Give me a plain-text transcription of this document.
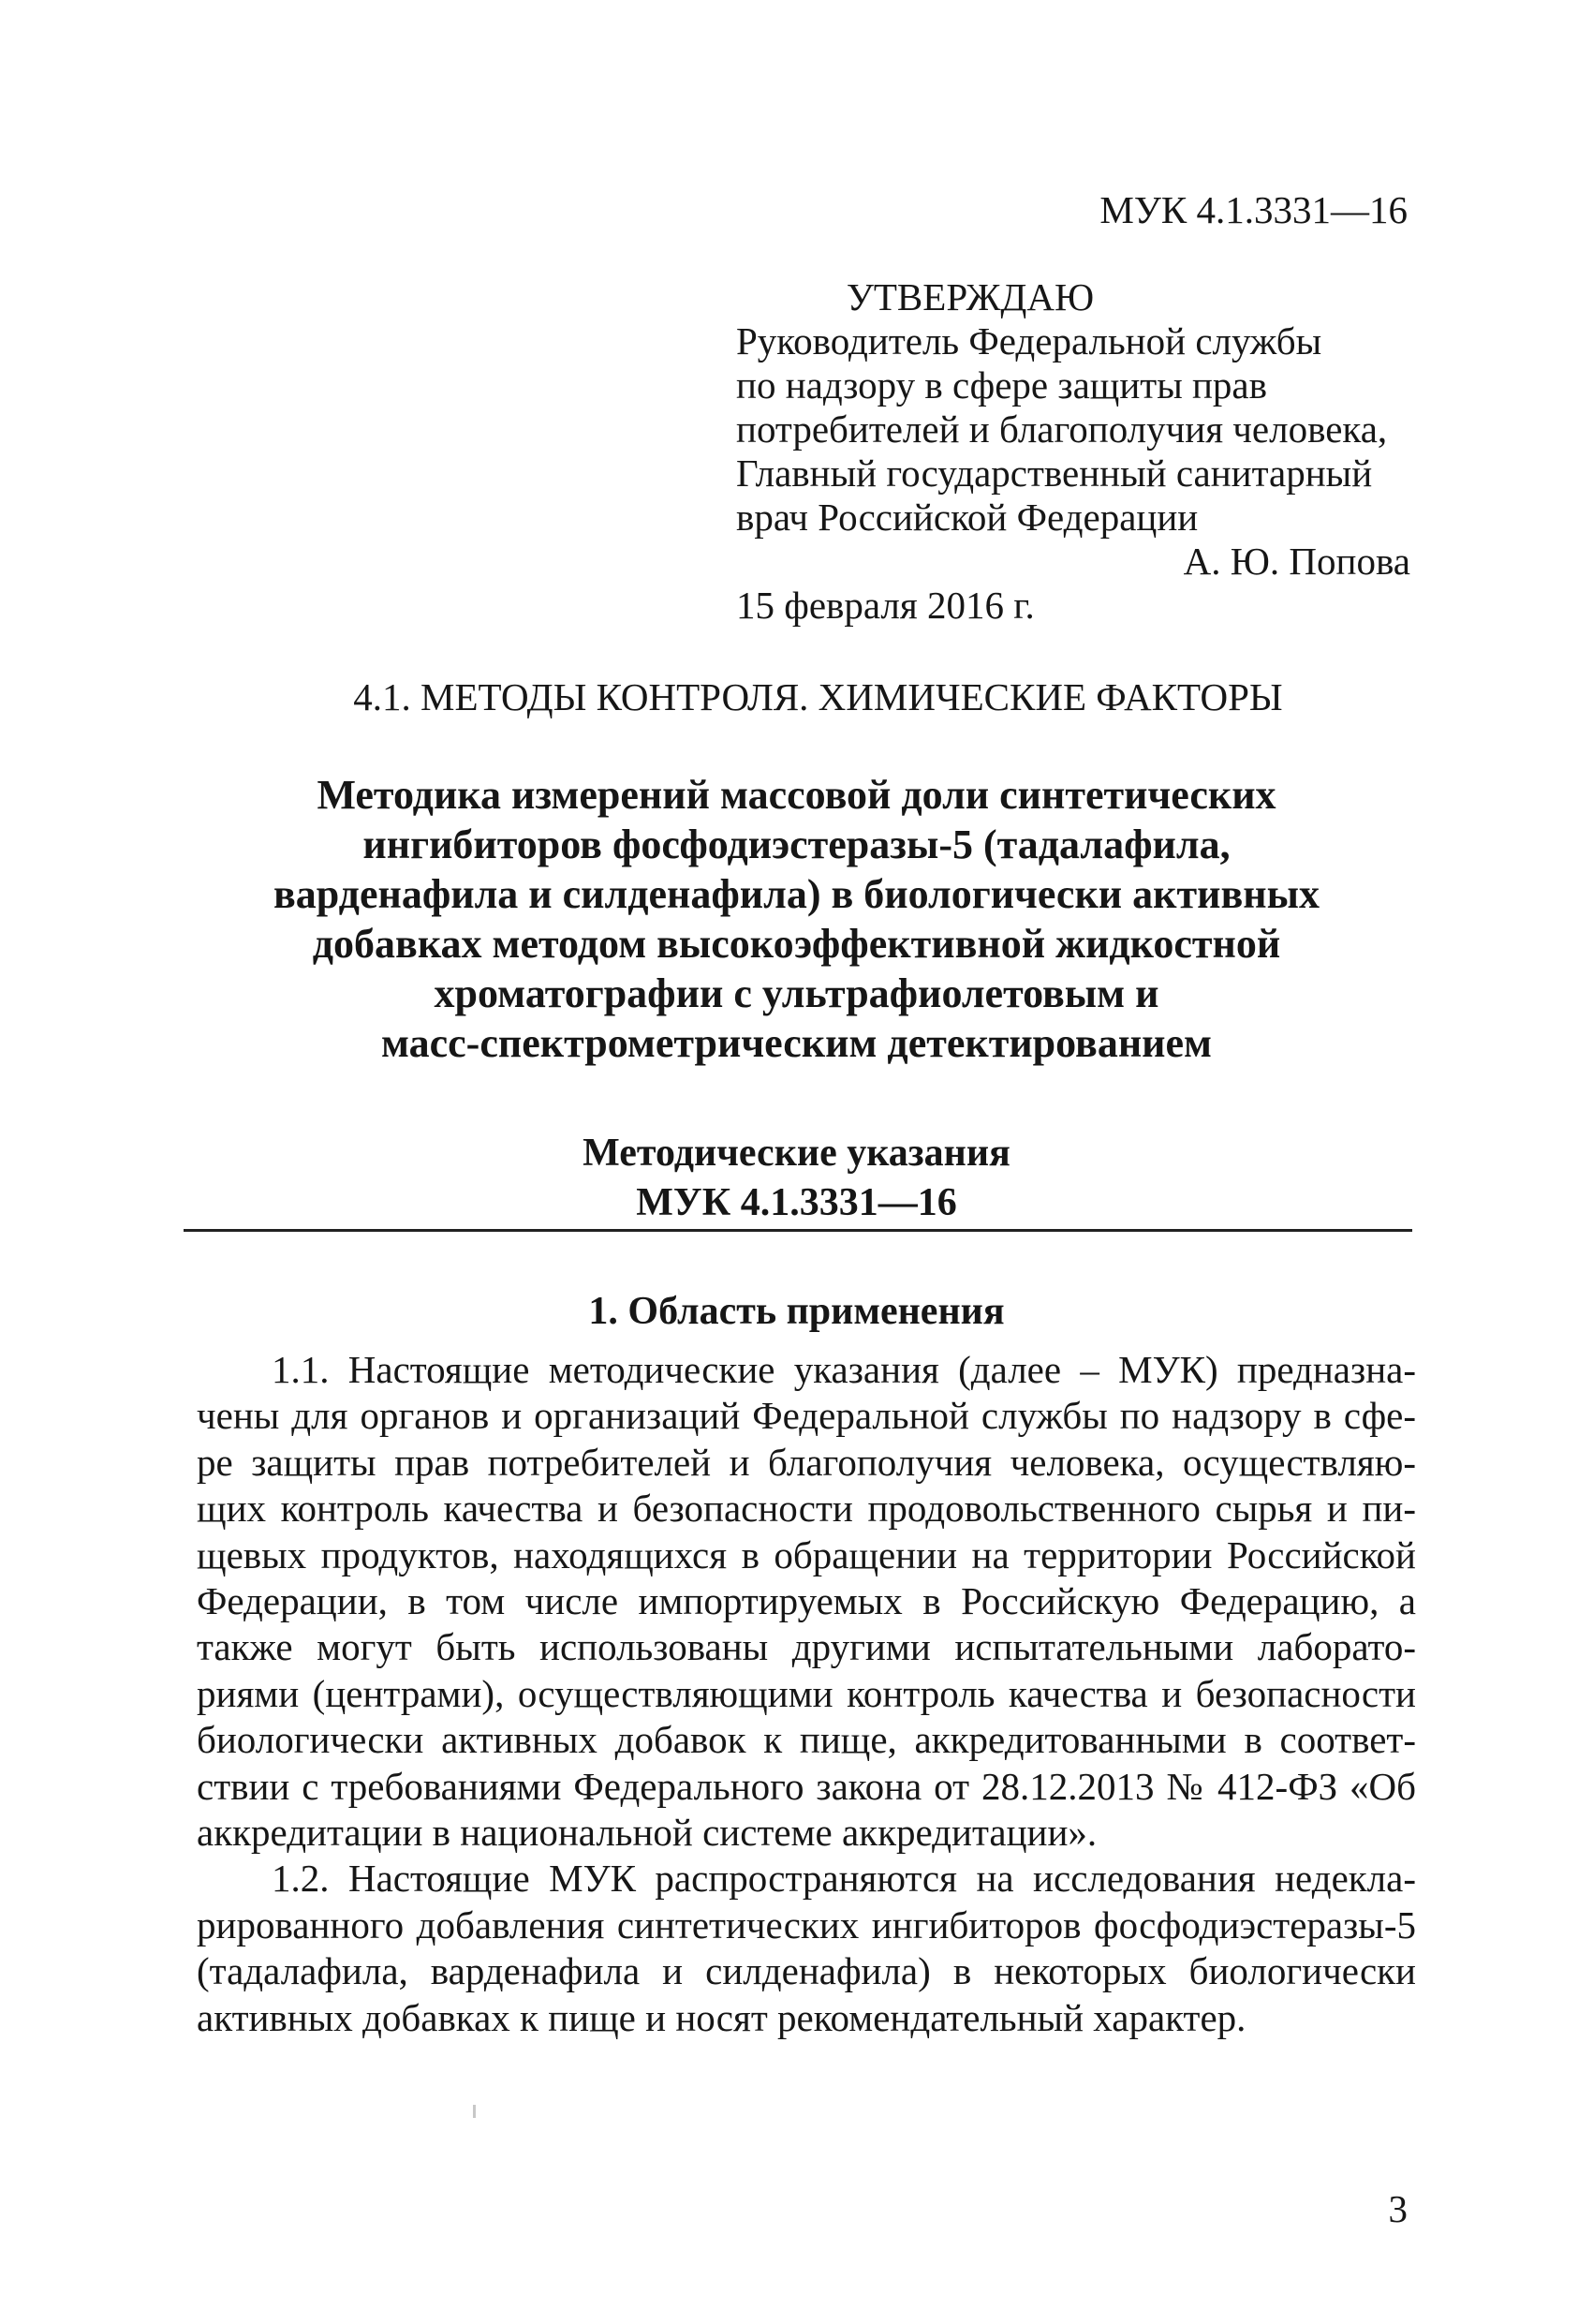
МУК 4.1.3331—16
УТВЕРЖДАЮ
Руководитель Федеральной службы
по надзору в сфере защиты прав
потребителей и благополучия человека,
Главный государственный санитарный
врач Российской Федерации
А. Ю. Попова
15 февраля 2016 г.
4.1. МЕТОДЫ КОНТРОЛЯ. ХИМИЧЕСКИЕ ФАКТОРЫ
Методика измерений массовой доли синтетических
ингибиторов фосфодиэстеразы-5 (тадалафила,
варденафила и силденафила) в биологически активных
добавках методом высокоэффективной жидкостной
хроматографии с ультрафиолетовым и
масс-спектрометрическим детектированием
Методические указания
МУК 4.1.3331—16
1. Область применения
1.1. Настоящие методические указания (далее – МУК) предназна-
чены для органов и организаций Федеральной службы по надзору в сфе-
ре защиты прав потребителей и благополучия человека, осуществляю-
щих контроль качества и безопасности продовольственного сырья и пи-
щевых продуктов, находящихся в обращении на территории Российской
Федерации, в том числе импортируемых в Российскую Федерацию, а
также могут быть использованы другими испытательными лаборато-
риями (центрами), осуществляющими контроль качества и безопасности
биологически активных добавок к пище, аккредитованными в соответ-
ствии с требованиями Федерального закона от 28.12.2013 № 412-ФЗ «Об
аккредитации в национальной системе аккредитации».
1.2. Настоящие МУК распространяются на исследования недекла-
рированного добавления синтетических ингибиторов фосфодиэстеразы-5
(тадалафила, варденафила и силденафила) в некоторых биологически
активных добавках к пище и носят рекомендательный характер.
3
